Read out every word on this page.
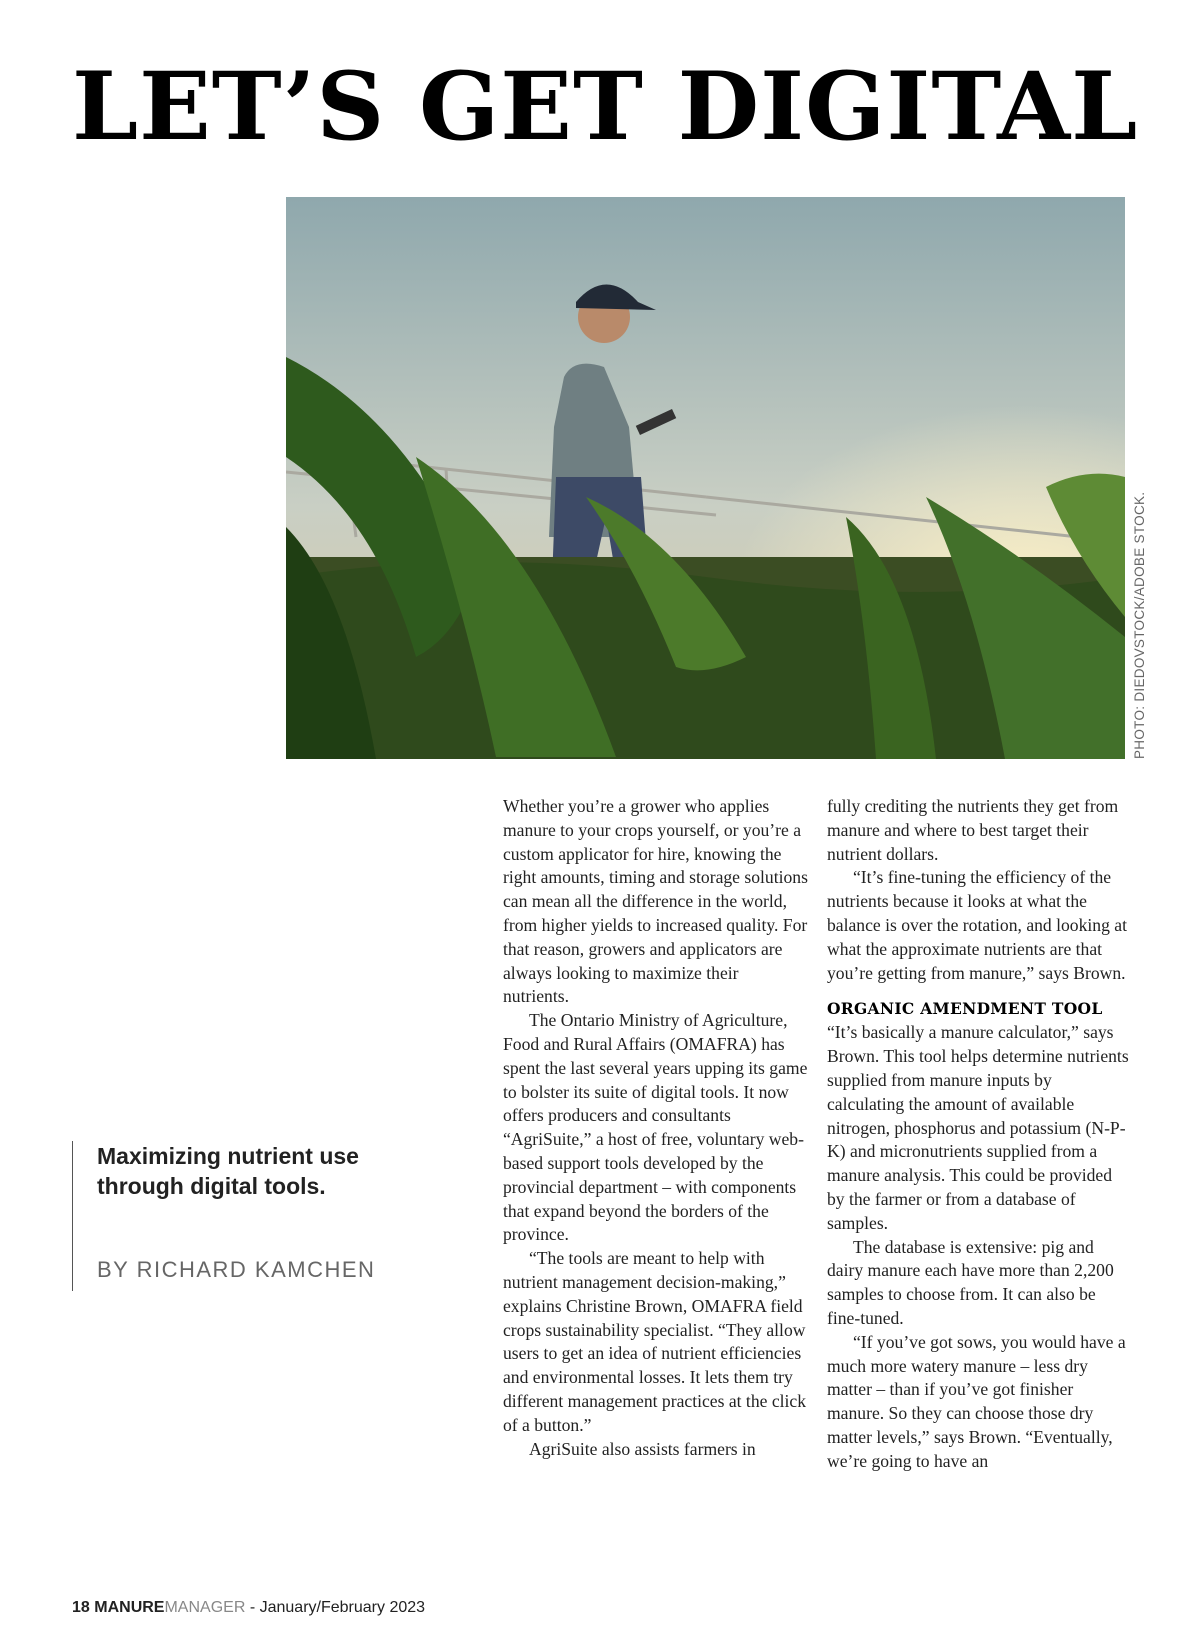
LET’S GET DIGITAL
PHOTO: DIEDOVSTOCK/ADOBE STOCK.

Maximizing nutrient use through digital tools.

BY RICHARD KAMCHEN

Whether you’re a grower who applies manure to your crops yourself, or you’re a custom applicator for hire, knowing the right amounts, timing and storage solutions can mean all the difference in the world, from higher yields to increased quality. For that reason, growers and applicators are always looking to maximize their nutrients.

The Ontario Ministry of Agriculture, Food and Rural Affairs (OMAFRA) has spent the last several years upping its game to bolster its suite of digital tools. It now offers producers and consultants “AgriSuite,” a host of free, voluntary web-based support tools developed by the provincial department – with components that expand beyond the borders of the province.

“The tools are meant to help with nutrient management decision-making,” explains Christine Brown, OMAFRA field crops sustainability specialist. “They allow users to get an idea of nutrient efficiencies and environmental losses. It lets them try different management practices at the click of a button.”

AgriSuite also assists farmers in

fully crediting the nutrients they get from manure and where to best target their nutrient dollars.

“It’s fine-tuning the efficiency of the nutrients because it looks at what the balance is over the rotation, and looking at what the approximate nutrients are that you’re getting from manure,” says Brown.

ORGANIC AMENDMENT TOOL

“It’s basically a manure calculator,” says Brown. This tool helps determine nutrients supplied from manure inputs by calculating the amount of available nitrogen, phosphorus and potassium (N-P-K) and micronutrients supplied from a manure analysis. This could be provided by the farmer or from a database of samples.

The database is extensive: pig and dairy manure each have more than 2,200 samples to choose from. It can also be fine-tuned.

“If you’ve got sows, you would have a much more watery manure – less dry matter – than if you’ve got finisher manure. So they can choose those dry matter levels,” says Brown. “Eventually, we’re going to have an

18 MANUREMANAGER - January/February 2023
